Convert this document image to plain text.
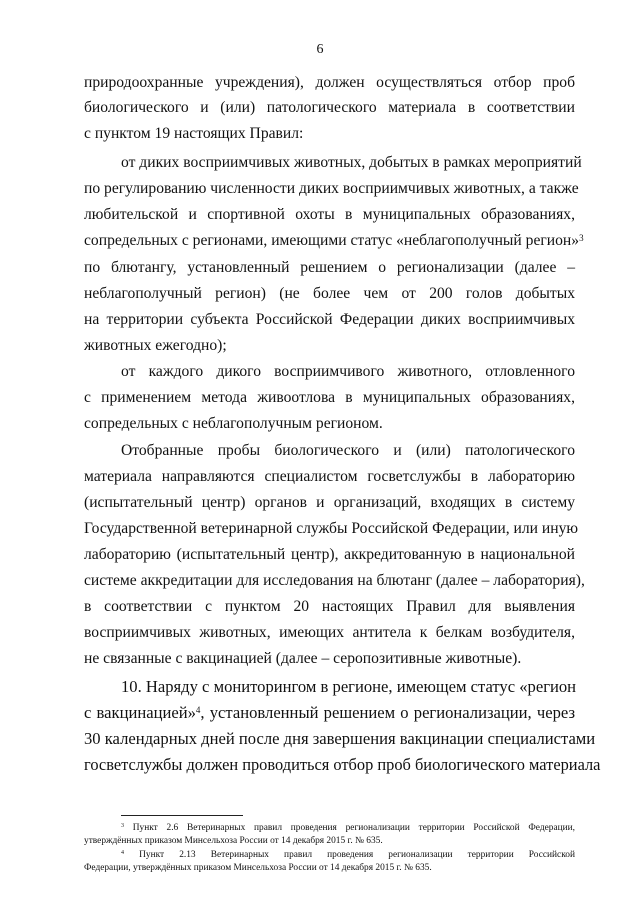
6
природоохранные учреждения), должен осуществляться отбор проб
биологического и (или) патологического материала в соответствии
с пунктом 19 настоящих Правил:
от диких восприимчивых животных, добытых в рамках мероприятий
по регулированию численности диких восприимчивых животных, а также
любительской и спортивной охоты в муниципальных образованиях,
сопредельных с регионами, имеющими статус «неблагополучный регион»$^3$
по блютангу, установленный решением о регионализации (далее –
неблагополучный регион) (не более чем от 200 голов добытых
на территории субъекта Российской Федерации диких восприимчивых
животных ежегодно);
от каждого дикого восприимчивого животного, отловленного
с применением метода живоотлова в муниципальных образованиях,
сопредельных с неблагополучным регионом.
Отобранные пробы биологического и (или) патологического
материала направляются специалистом госветслужбы в лабораторию
(испытательный центр) органов и организаций, входящих в систему
Государственной ветеринарной службы Российской Федерации, или иную
лабораторию (испытательный центр), аккредитованную в национальной
системе аккредитации для исследования на блютанг (далее – лаборатория),
в соответствии с пунктом 20 настоящих Правил для выявления
восприимчивых животных, имеющих антитела к белкам возбудителя,
не связанные с вакцинацией (далее – серопозитивные животные).
10. Наряду с мониторингом в регионе, имеющем статус «регион
с вакцинацией»$^4$, установленный решением о регионализации, через
30 календарных дней после дня завершения вакцинации специалистами
госветслужбы должен проводиться отбор проб биологического материала
$^3$ Пункт 2.6 Ветеринарных правил проведения регионализации территории Российской Федерации,
утверждённых приказом Минсельхоза России от 14 декабря 2015 г. № 635.
$^4$ Пункт 2.13 Ветеринарных правил проведения регионализации территории Российской
Федерации, утверждённых приказом Минсельхоза России от 14 декабря 2015 г. № 635.
